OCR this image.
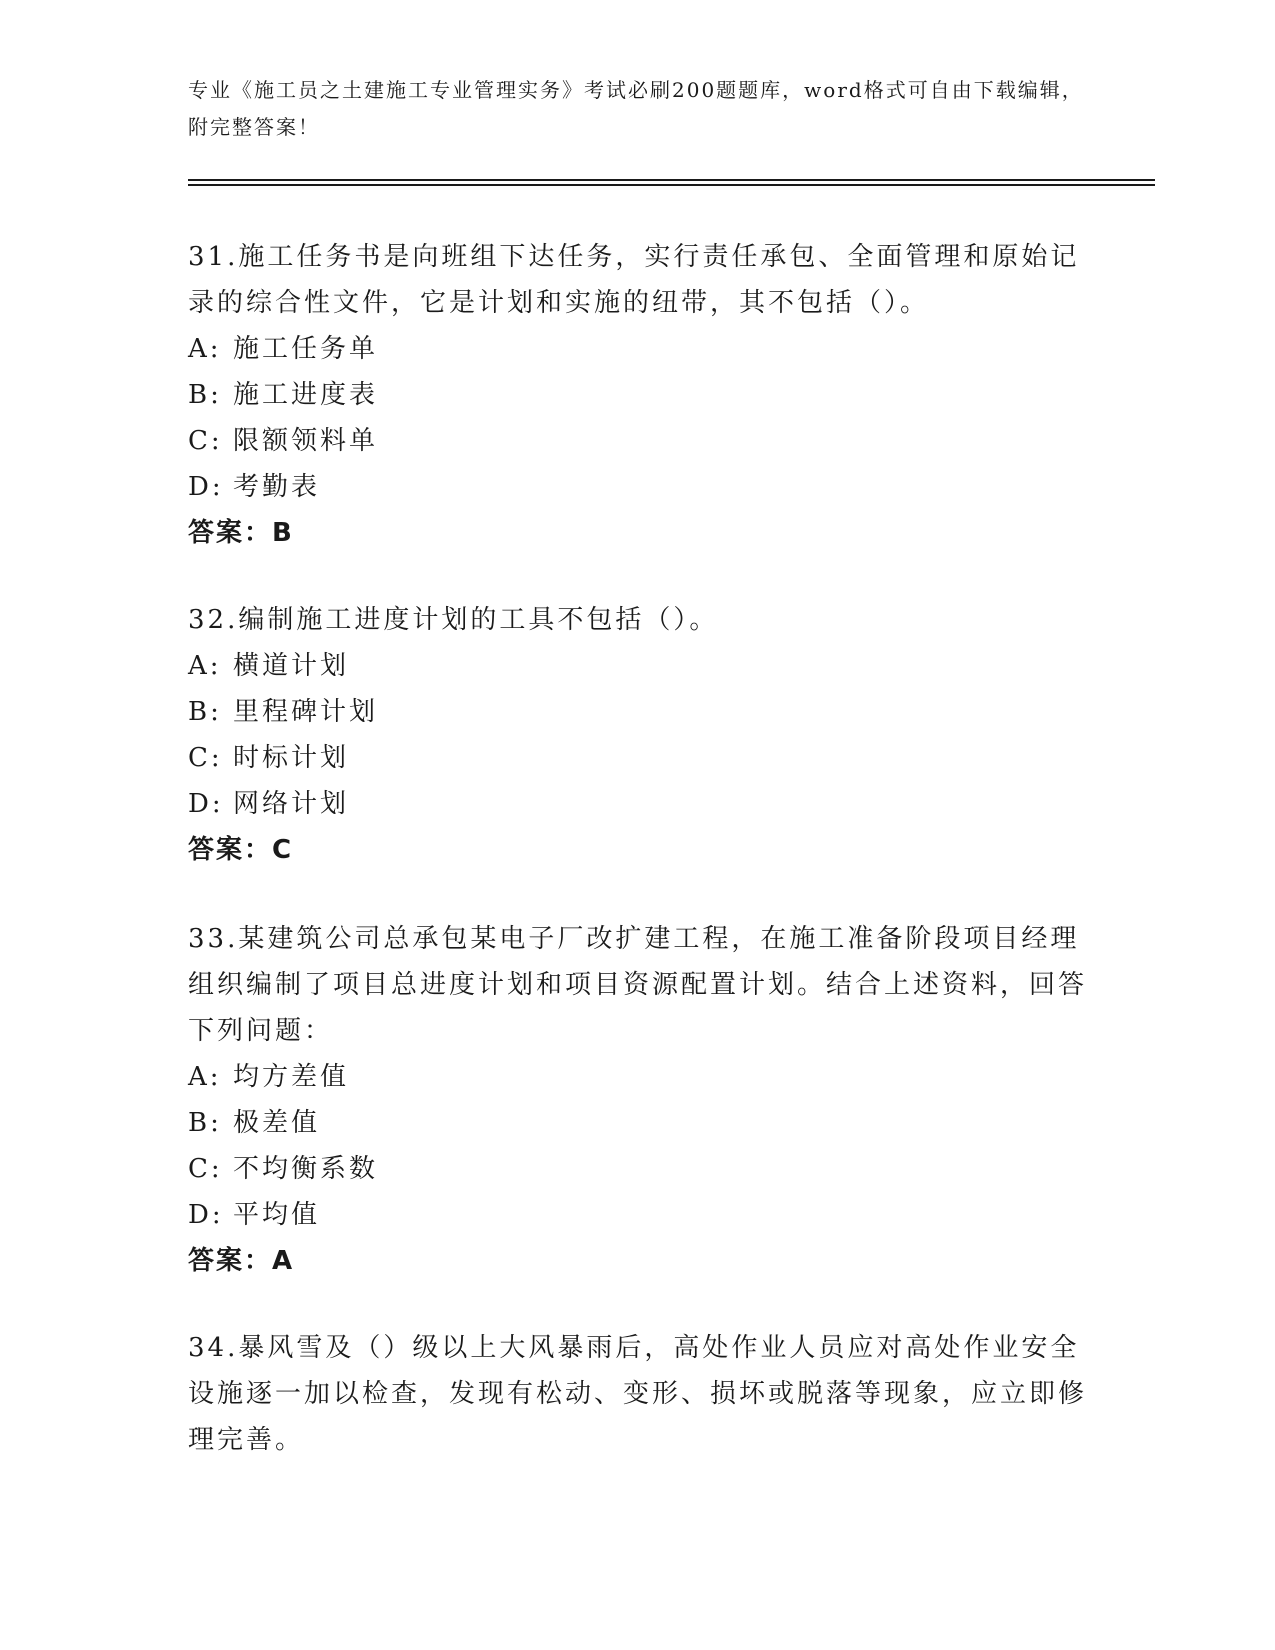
专业《施工员之土建施工专业管理实务》考试必刷200题题库，word格式可自由下载编辑，附完整答案！

31.施工任务书是向班组下达任务，实行责任承包、全面管理和原始记录的综合性文件，它是计划和实施的纽带，其不包括（）。

A: 施工任务单
B: 施工进度表
C: 限额领料单
D: 考勤表
答案：B

32.编制施工进度计划的工具不包括（）。

A: 横道计划
B: 里程碑计划
C: 时标计划
D: 网络计划
答案：C

33.某建筑公司总承包某电子厂改扩建工程，在施工准备阶段项目经理组织编制了项目总进度计划和项目资源配置计划。结合上述资料，回答下列问题：

A: 均方差值
B: 极差值
C: 不均衡系数
D: 平均值
答案：A

34.暴风雪及（）级以上大风暴雨后，高处作业人员应对高处作业安全设施逐一加以检查，发现有松动、变形、损坏或脱落等现象，应立即修理完善。
